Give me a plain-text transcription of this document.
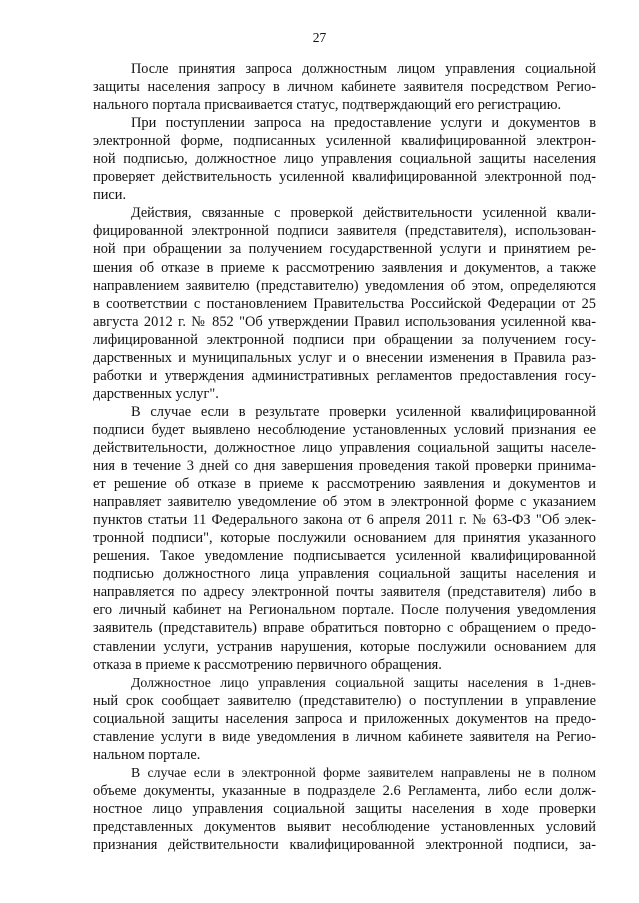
27
После принятия запроса должностным лицом управления социальной
защиты населения запросу в личном кабинете заявителя посредством Регио-
нального портала присваивается статус, подтверждающий его регистрацию.
При поступлении запроса на предоставление услуги и документов в
электронной форме, подписанных усиленной квалифицированной электрон-
ной подписью, должностное лицо управления социальной защиты населения
проверяет действительность усиленной квалифицированной электронной под-
писи.
Действия, связанные с проверкой действительности усиленной квали-
фицированной электронной подписи заявителя (представителя), использован-
ной при обращении за получением государственной услуги и принятием ре-
шения об отказе в приеме к рассмотрению заявления и документов, а также
направлением заявителю (представителю) уведомления об этом, определяются
в соответствии с постановлением Правительства Российской Федерации от 25
августа 2012 г. № 852 "Об утверждении Правил использования усиленной ква-
лифицированной электронной подписи при обращении за получением госу-
дарственных и муниципальных услуг и о внесении изменения в Правила раз-
работки и утверждения административных регламентов предоставления госу-
дарственных услуг".
В случае если в результате проверки усиленной квалифицированной
подписи будет выявлено несоблюдение установленных условий признания ее
действительности, должностное лицо управления социальной защиты населе-
ния в течение 3 дней со дня завершения проведения такой проверки принима-
ет решение об отказе в приеме к рассмотрению заявления и документов и
направляет заявителю уведомление об этом в электронной форме с указанием
пунктов статьи 11 Федерального закона от 6 апреля 2011 г. № 63-ФЗ "Об элек-
тронной подписи", которые послужили основанием для принятия указанного
решения. Такое уведомление подписывается усиленной квалифицированной
подписью должностного лица управления социальной защиты населения и
направляется по адресу электронной почты заявителя (представителя) либо в
его личный кабинет на Региональном портале. После получения уведомления
заявитель (представитель) вправе обратиться повторно с обращением о предо-
ставлении услуги, устранив нарушения, которые послужили основанием для
отказа в приеме к рассмотрению первичного обращения.
Должностное лицо управления социальной защиты населения в 1-днев-
ный срок сообщает заявителю (представителю) о поступлении в управление
социальной защиты населения запроса и приложенных документов на предо-
ставление услуги в виде уведомления в личном кабинете заявителя на Регио-
нальном портале.
В случае если в электронной форме заявителем направлены не в полном
объеме документы, указанные в подразделе 2.6 Регламента, либо если долж-
ностное лицо управления социальной защиты населения в ходе проверки
представленных документов выявит несоблюдение установленных условий
признания действительности квалифицированной электронной подписи, за-
